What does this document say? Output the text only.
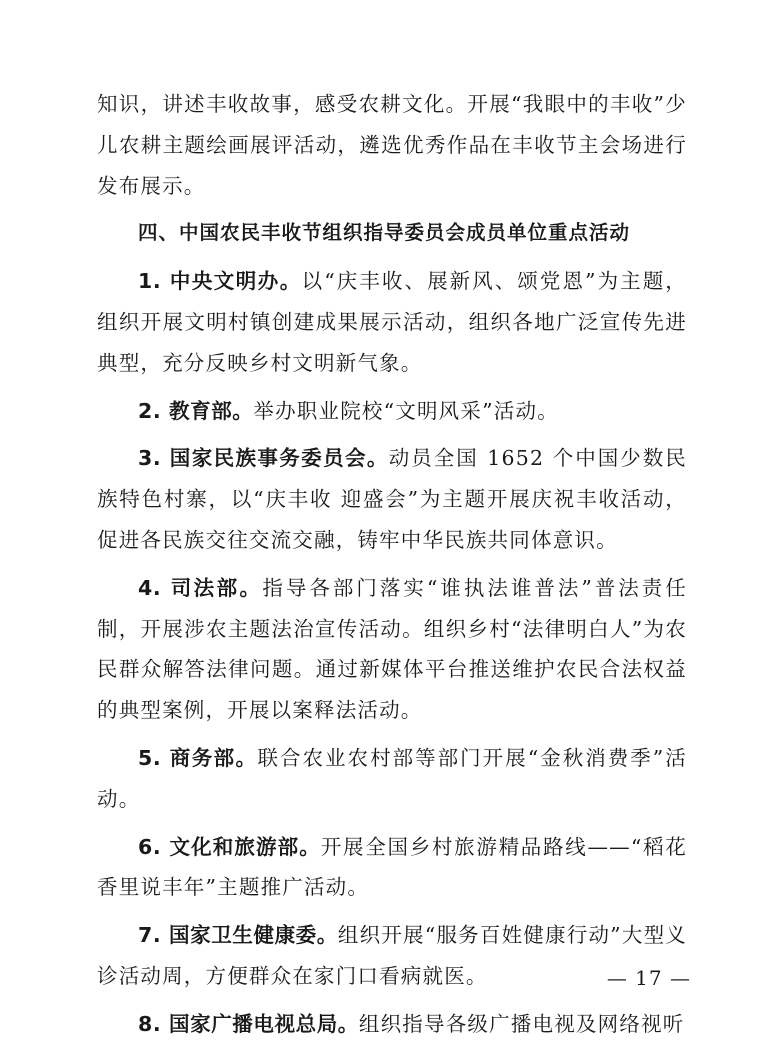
知识，讲述丰收故事，感受农耕文化。开展“我眼中的丰收”少儿农耕主题绘画展评活动，遴选优秀作品在丰收节主会场进行发布展示。

四、中国农民丰收节组织指导委员会成员单位重点活动

1. 中央文明办。以“庆丰收、展新风、颂党恩”为主题，组织开展文明村镇创建成果展示活动，组织各地广泛宣传先进典型，充分反映乡村文明新气象。

2. 教育部。举办职业院校“文明风采”活动。

3. 国家民族事务委员会。动员全国 1652 个中国少数民族特色村寨，以“庆丰收 迎盛会”为主题开展庆祝丰收活动，促进各民族交往交流交融，铸牢中华民族共同体意识。

4. 司法部。指导各部门落实“谁执法谁普法”普法责任制，开展涉农主题法治宣传活动。组织乡村“法律明白人”为农民群众解答法律问题。通过新媒体平台推送维护农民合法权益的典型案例，开展以案释法活动。

5. 商务部。联合农业农村部等部门开展“金秋消费季”活动。

6. 文化和旅游部。开展全国乡村旅游精品路线——“稻花香里说丰年”主题推广活动。

7. 国家卫生健康委。组织开展“服务百姓健康行动”大型义诊活动周，方便群众在家门口看病就医。

8. 国家广播电视总局。组织指导各级广播电视及网络视听

— 17 —
